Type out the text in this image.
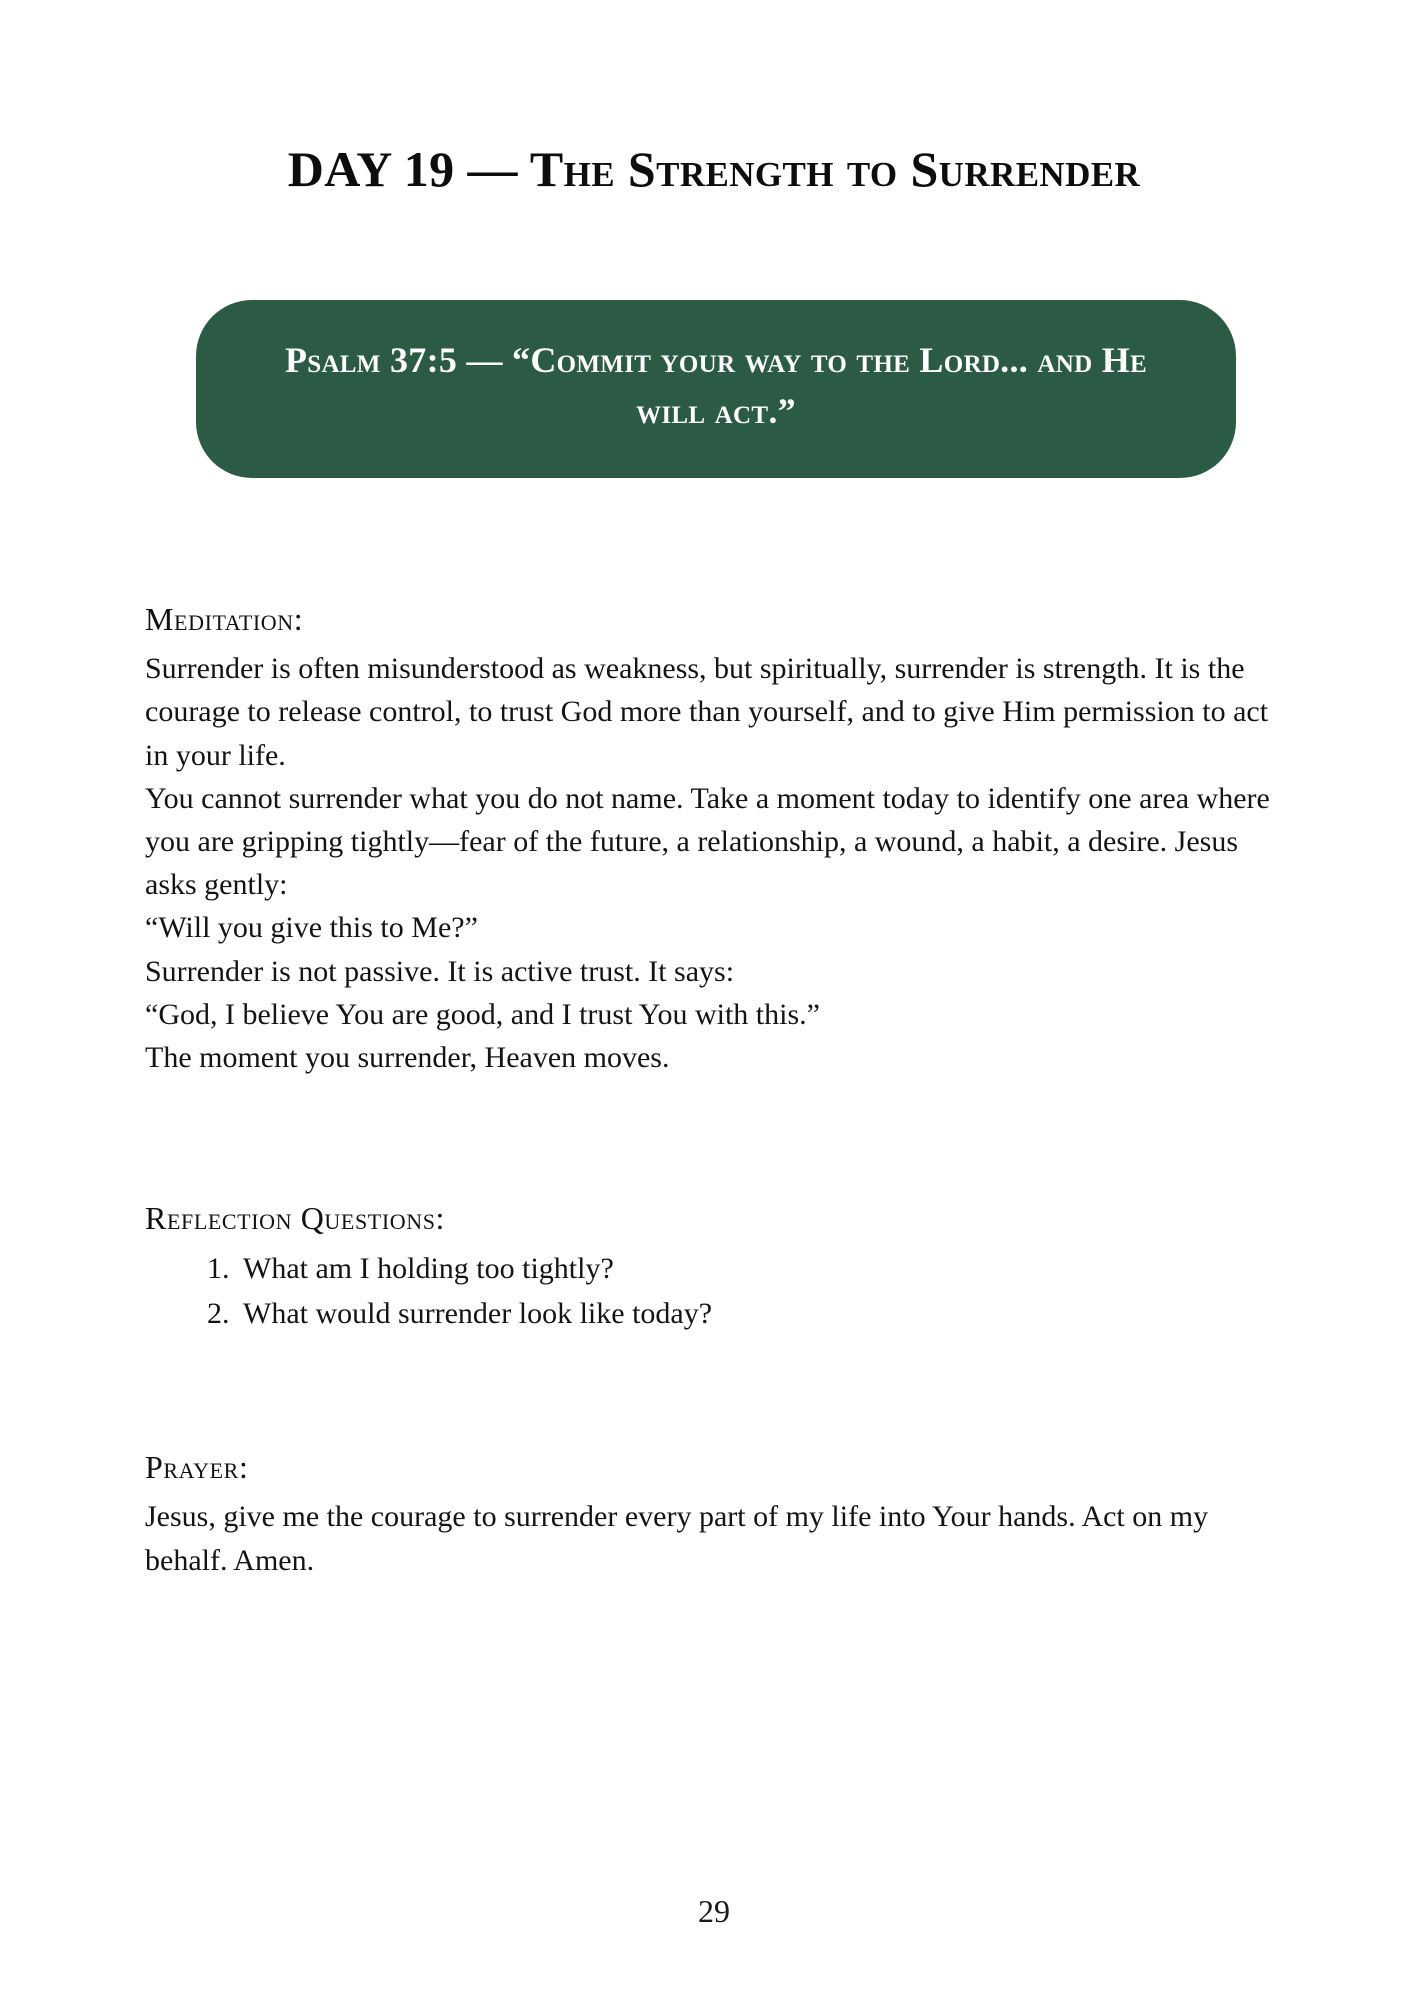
DAY 19 — The Strength to Surrender
Psalm 37:5 — “Commit your way to the Lord... and He will act.”
Meditation:

Surrender is often misunderstood as weakness, but spiritually, surrender is strength. It is the courage to release control, to trust God more than yourself, and to give Him permission to act in your life.

You cannot surrender what you do not name. Take a moment today to identify one area where you are gripping tightly—fear of the future, a relationship, a wound, a habit, a desire. Jesus asks gently:

“Will you give this to Me?”

Surrender is not passive. It is active trust. It says:

“God, I believe You are good, and I trust You with this.”

The moment you surrender, Heaven moves.

Reflection Questions:
1. What am I holding too tightly?
2. What would surrender look like today?
Prayer:

Jesus, give me the courage to surrender every part of my life into Your hands. Act on my behalf. Amen.

29
